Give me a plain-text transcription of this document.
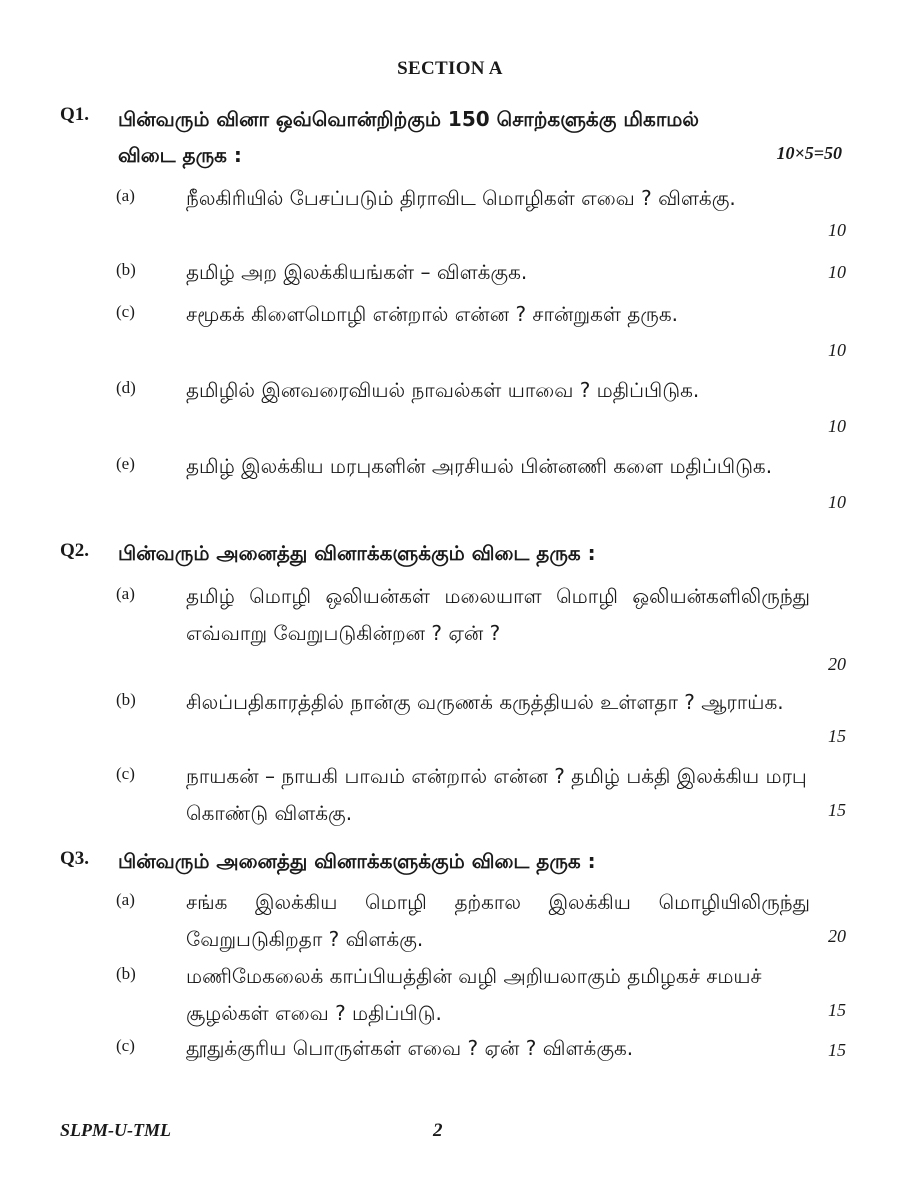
SECTION A
Q1. பின்வரும் வினா ஒவ்வொன்றிற்கும் 150 சொற்களுக்கு மிகாமல்
விடை தருக :	10×5=50
(a)	நீலகிரியில் பேசப்படும் திராவிட மொழிகள் எவை ? விளக்கு.
10
(b)	தமிழ் அற இலக்கியங்கள் – விளக்குக.	10
(c)	சமூகக் கிளைமொழி என்றால் என்ன ? சான்றுகள் தருக.
10
(d)	தமிழில் இனவரைவியல் நாவல்கள் யாவை ? மதிப்பிடுக.
10
(e)	தமிழ் இலக்கிய மரபுகளின் அரசியல் பின்னணி களை மதிப்பிடுக.
10
Q2. பின்வரும் அனைத்து வினாக்களுக்கும் விடை தருக :
(a)	தமிழ் மொழி ஒலியன்கள் மலையாள மொழி ஒலியன்களிலிருந்து எவ்வாறு வேறுபடுகின்றன ? ஏன் ?
20
(b)	சிலப்பதிகாரத்தில் நான்கு வருணக் கருத்தியல் உள்ளதா ? ஆராய்க.
15
(c)	நாயகன் – நாயகி பாவம் என்றால் என்ன ? தமிழ் பக்தி இலக்கிய மரபு கொண்டு விளக்கு.	15
Q3. பின்வரும் அனைத்து வினாக்களுக்கும் விடை தருக :
(a)	சங்க இலக்கிய மொழி தற்கால இலக்கிய மொழியிலிருந்து வேறுபடுகிறதா ? விளக்கு.	20
(b)	மணிமேகலைக் காப்பியத்தின் வழி அறியலாகும் தமிழகச் சமயச் சூழல்கள் எவை ? மதிப்பிடு.	15
(c)	தூதுக்குரிய பொருள்கள் எவை ? ஏன் ? விளக்குக.	15
SLPM-U-TML	2
